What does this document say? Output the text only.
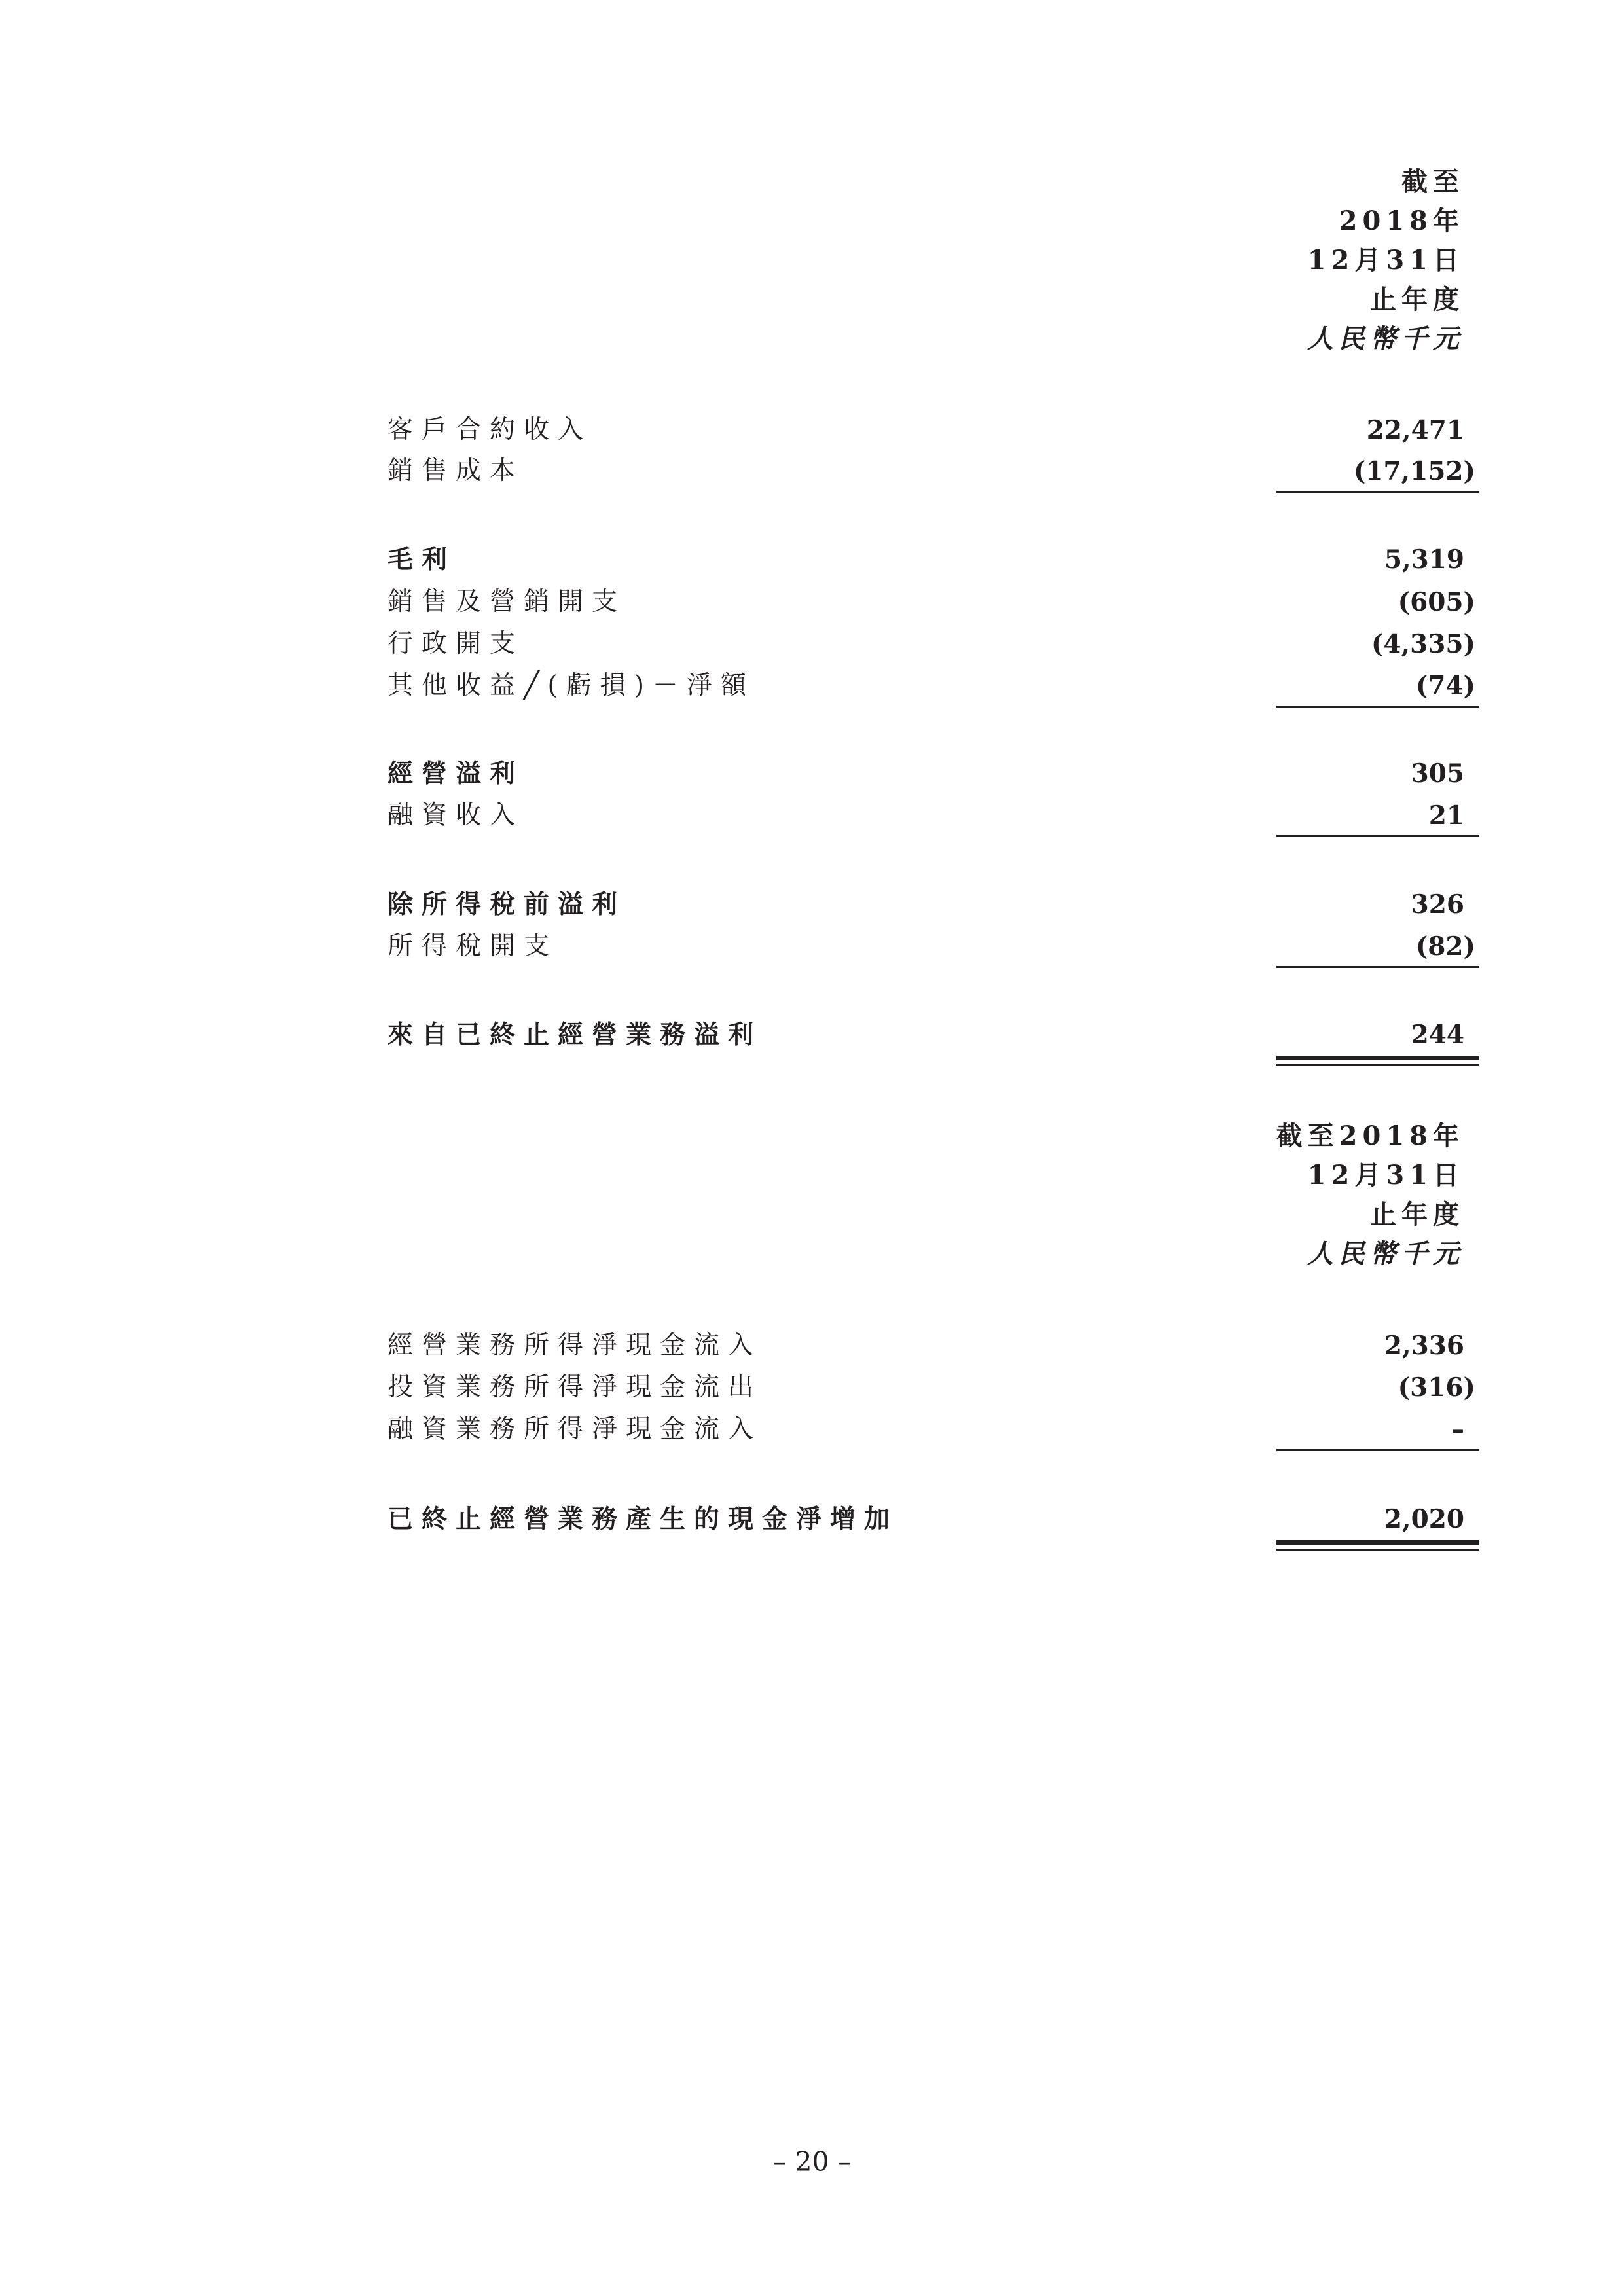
截至
2018年
12月31日
止年度
人民幣千元
客戶合約收入	22,471
銷售成本	(17,152)
毛利	5,319
銷售及營銷開支	(605)
行政開支	(4,335)
其他收益╱(虧損)－淨額	(74)
經營溢利	305
融資收入	21
除所得稅前溢利	326
所得稅開支	(82)
來自已終止經營業務溢利	244
截至2018年
12月31日
止年度
人民幣千元
經營業務所得淨現金流入	2,336
投資業務所得淨現金流出	(316)
融資業務所得淨現金流入	–
已終止經營業務產生的現金淨增加	2,020
– 20 –
